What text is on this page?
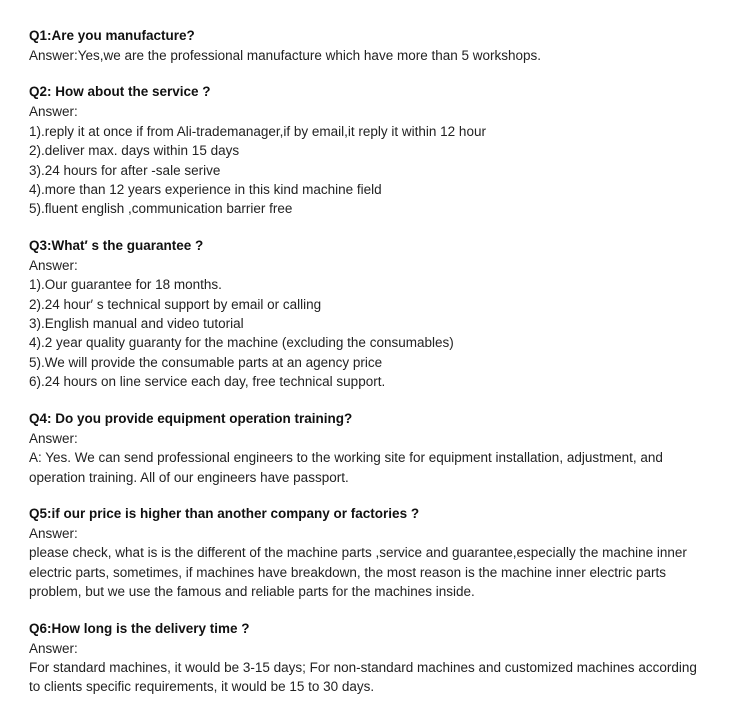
Q1:Are you manufacture?
Answer:Yes,we are the professional manufacture which have more than 5 workshops.
Q2: How about the service ?
Answer:
1).reply it at once if from Ali-trademanager,if by email,it reply it within 12 hour
2).deliver max. days within 15 days
3).24 hours for after -sale serive
4).more than 12 years experience in this kind machine field
5).fluent english ,communication barrier free
Q3:What′ s the guarantee ?
Answer:
1).Our guarantee for 18 months.
2).24 hour′ s technical support by email or calling
3).English manual and video tutorial
4).2 year quality guaranty for the machine (excluding the consumables)
5).We will provide the consumable parts at an agency price
6).24 hours on line service each day, free technical support.
Q4: Do you provide equipment operation training?
Answer:
A: Yes. We can send professional engineers to the working site for equipment installation, adjustment, and
operation training. All of our engineers have passport.
Q5:if our price is higher than another company or factories ?
Answer:
please check, what is is the different of the machine parts ,service and guarantee,especially the machine inner
electric parts, sometimes, if machines have breakdown, the most reason is the machine inner electric parts
problem, but we use the famous and reliable parts for the machines inside.
Q6:How long is the delivery time ?
Answer:
For standard machines, it would be 3-15 days; For non-standard machines and customized machines according
to clients specific requirements, it would be 15 to 30 days.
